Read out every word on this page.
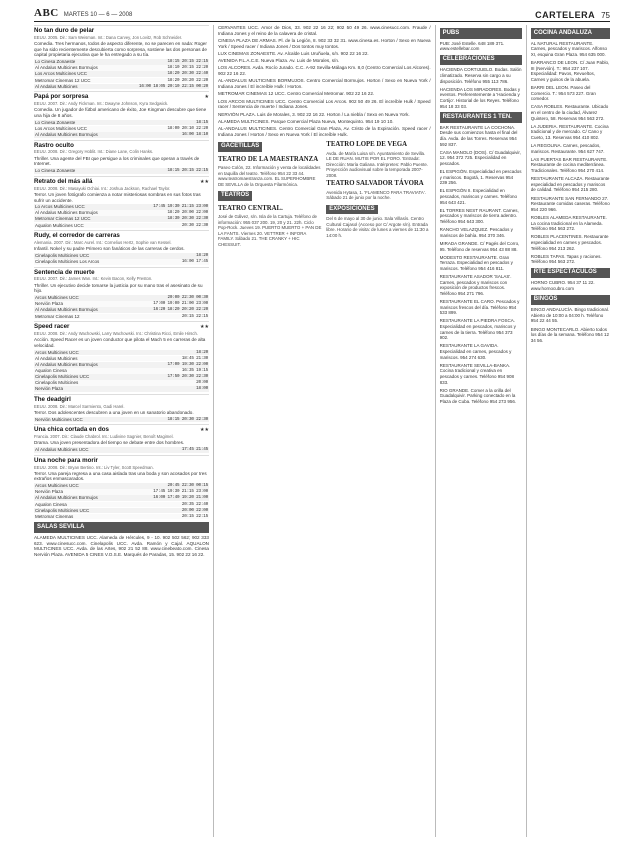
ABC MARTES 10 — 6 — 2008	CARTELERA 75
No tan duro de pelar
EEUU. 2005. Dir.: Sam Weisman. Int.: Dana Carvey, Jon Lovitz, Rob Schneider.
Comedia. Tres hermanos, todos de aspecto diferente, no se parecen en nada: Roger que ha sido recientemente descubierta como sorpresa, sostiene las dos personas de capital propietaria ejecutiva que le ha entregado a su tía.
Lo Cinesa Zonaeste	18:15 20:15 22:15
Al Andalus Multicines Bormujos	18:10 20:15 22:20
Los Arcos Multicines UCC	18:20 20:30 22:40
Metromar Cinemas 12 UCC	18:20 20:20 22:20
Al Andalus Multicines	16:00 18:05 20:10 22:15 00:20
Papá por sorpresa	★
EEUU. 2007. Dir.: Andy Fickman. Int.: Dwayne Johnson, Kyra Sedgwick.
Comedia. Un jugador de fútbol americano de éxito, Joe Kingman descubre que tiene una hija de 8 años.
Lo Cinesa Zonaeste	18:15
Los Arcos Multicines UCC	18:00 20:10 22:20
Al Andalus Multicines Bormujos	16:00 18:10
Rastro oculto
EEUU. 2008. Dir.: Gregory Hoblit. Int.: Diane Lane, Colin Hanks.
Thriller. Una agente del FBI que persigue a los criminales que operan a través de Internet.
Lo Cinesa Zonaeste	18:15 20:15 22:15
Retrato del más allá	★★
EEUU. 2008. Dir.: Masayuki Ochiai. Int.: Joshua Jackson, Rachael Taylor.
Terror. Un joven fotógrafo comienza a notar misteriosas sombras en sus fotos tras sufrir un accidente.
Lo Arcos Multicines UCC	17:45 19:30 21:15 23:00
Al Andalus Multicines Bormujos	18:20 20:00 22:00
Metromar Cinemas 12 UCC	18:30 20:30 22:30
Aqualon Multicines UCC	20:30 22:30
Rudy, el corredor de carreras
Alemania. 2007. Dir.: Marc Aurel. Int.: Cornelius Hertz, Sophie van Kessel.
Infantil. Nokel y su padre Primero son fanáticos de las carreras de cerdos.
Cinelapolis Multicines UCC	18:20
Cinelapolis Multicines Los Arcos	16:00 17:45
Sentencia de muerte
EEUU. 2007. Dir.: James Wan. Int.: Kevin Bacon, Kelly Preston.
Thriller. Un ejecutivo decide tomarse la justicia por su mano tras el asesinato de su hijo.
Arcos Multicines UCC	20:00 22:30 00:30
Nervión Plaza	17:00 19:00 21:00 23:00
Al Andalus Multicines Bormujos	16:20 18:20 20:20 22:20
Metromar Cinemas 12	20:15 22:15
Speed racer	★★
EEUU. 2008. Dir.: Andy Wachowski, Larry Wachowski. Int.: Christina Ricci, Emile Hirsch.
Acción. Speed Racer es un joven conductor que pilota el Mach 5 en carreras de alta velocidad.
Arcos Multicines UCC	18:20
Al Andalus Multicines	18:45 21:30
Al Andalus Multicines Bormujos	17:00 19:30 22:00
Aqualon Cinesa	16:35 19:15
Cinelapolis Multicines UCC	17:50 20:30 22:30
Cinelapolis Multicines	20:00
Nervión Plaza	18:00
The deadgirl
EEUU. 2008. Dir.: Marcel Sarmiento, Gadi Harel.
Terror. Dos adolescentes descubren a una joven en un sanatorio abandonado.
Nervión Multicines UCC	18:15 20:30 22:30
Una chica cortada en dos	★★
Francia. 2007. Dir.: Claude Chabrol. Int.: Ludivine Sagnier, Benoît Magimel.
Drama. Una joven presentadora del tiempo se debate entre dos hombres.
Al Andalus Multicines UCC	17:45 21:45
Una noche para morir
EEUU. 2008. Dir.: Bryan Bertino. Int.: Liv Tyler, Scott Speedman.
Terror. Una pareja regresa a una casa aislada tras una boda y son acosados por tres extraños enmascarados.
Arcos Multicines UCC	20:45 22:30 00:15
Nervión Plaza	17:45 19:30 21:15 23:00
Al Andalus Multicines Bormujos	16:00 17:40 19:20 21:00
Aqualon Cinesa	20:35 22:40
Cinelapolis Multicines UCC	20:00 22:00
Metromar Cinemas	20:15 22:15
SALAS SEVILLA
ALAMEDA MULTICINES UCC. Alameda de Hércules, 9 - 10. 902 502 562; 902 333 623. www.cinesucc.com. Cinelapolis UCC. Avda. Ramón y Cajal. AQUALON MULTICINES UCC. Avda. de las Artes, 902 21 52 88. www.cinebeato.com. Cinesa Nervión Plaza. AVENIDA 5 CINES V.O.S.E. Marqués de Paradas, 15. 902 22 16 22.
CERVANTES UCC. Amor de Dios, 33. 902 22 16 22; 902 50 49 26. www.cinesucc.com. Fraude / Indiana Jones y el reino de la calavera de cristal.
CINESA PLAZA DE ARMAS. Pl. de la Legión, 8. 902 33 32 31. www.cinesa.es. Horton / Sexo en Nueva York / Speed racer / Indiana Jones / Dos tontos muy tontos.
LUX CINEMAS ZONAESTE. Av. Alcalde Luis Uruñuela, s/n. 902 22 16 22.
AVENIDA P.L.A.C.E. Nueva Plaza. Av. Luis de Morales, s/n.
LOS ALCORES. Avda. Rocío Jurado. C.C. A-92 Sevilla-Málaga Km. 8,0 (Centro Comercial Los Alcores). 902 22 16 22.
AL-ANDALUS MULTICINES BORMUJOS. Centro Comercial Bormujos. Horton / Sexo en Nueva York / Indiana Jones / El increíble Hulk / Horton.
METROMAR CINEMAS 12 UCC. Centro Comercial Metromar. 902 22 16 22.
LOS ARCOS MULTICINES UCC. Centro Comercial Los Arcos. 902 50 49 26. El increíble Hulk / Speed racer / Sentencia de muerte / Indiana Jones.
NERVIÓN PLAZA. Luis de Morales, 3. 902 22 16 22. Horton / La niebla / Sexo en Nueva York.
ALAMEDA MULTICINES. Parque Comercial Plaza Nueva, Montequinto. 954 19 10 10.
AL-ANDALUS MULTICINES. Centro Comercial Gran Plaza, Av. Cristo de la Expiración. Speed racer / Indiana Jones / Horton / Sexo en Nueva York / El increíble Hulk.
GACETILLAS
TEATRO DE LA MAESTRANZA
Paseo Colón, 22. Información y venta de localidades en taquilla del teatro. Teléfono 954 22 33 44. www.teatromaestranza.com. EL SUPERHOMBRE DE SEVILLA de la Orquesta Filarmónica.
TEATROS
TEATRO CENTRAL.
José de Gálvez, s/n. Isla de la Cartuja. Teléfono de información: 955 037 200. 19, 20 y 21. 22h. Ciclo Pop-Rock. Jueves 19. PUERTO MUERTO + PAN DE LA FANTS. Viernes 20. VETTRER + INFORA FAMILY. Sábado 21. THE CRANKY + HIC CHESSUIT.
TEATRO LOPE DE VEGA
Avda. de María Luisa s/n. Ayuntamiento de Sevilla. LE DE RUAN. MUTIS POR EL FORO. 'Entrada'. Dirección: María Galiana. Intérpretes: Pablo Puente. Proyección audiovisual sobre la temporada 2007-2008.
TEATRO SALVADOR TÁVORA
Avenida Hytasa, 1. 'FLAMENCO PARA TRAVIATA'. Sábado 21 de junio por la noche.
EXPOSICIONES
Del 6 de mayo al 30 de junio. Sala Villasís. Centro Cultural Cajasol (Acceso por C/ Argote s/n). Entrada libre. Horario de visita: de lunes a viernes de 11:30 a 14:00 h.
PUBS
PUB: José Estelle. 648 189 371. www.estellebar.com
CELEBRACIONES
HACIENDA CORTIJUELO. Bodas. Salón climatizado. Reserva sin cargo a su disposición. Teléfono 955 113 786.
HACIENDA LOS MIRADORES. Bodas y eventos. Preferentemente a 'Hacienda y Cortijo'. Historial de los Reyes. Teléfono 954 18 33 03.
RESTAURANTES 1 TEN.
BAR RESTAURANTE LA COCHONA. Desde sus comienzos hasta el final del día. Avda. de las Torres. Reservas 954 592 837.
CASA MANOLO (DOS). C/ Guadalquivir, 12. 954 372 725. Especialidad en pescados.
EL ESPIGÓN. Especialidad en pescados y mariscos. Bogotá, 1. Reservas 954 239 256.
EL ESPIGÓN II. Especialidad en pescados, mariscos y carnes. Teléfono 954 643 421.
EL TORRES NEST RAURANT. Carnes, pescados y mariscos de tierra adentro. Teléfono 954 643 300.
RANCHO VELAZQUEZ. Pescados y mariscos de bahía. 954 370 346.
MIRADA GRANDE. C/ Pagés del Corro, 95. Teléfono de reservas 954 43 88 88.
MODESTO RESTAURANTE. Gran Terraza. Especialidad en pescados y mariscos. Teléfono 954 416 811.
RESTAURANTE ASADOR 'SALAS'. Carnes, pescados y mariscos con exposición de productos frescos. Teléfono 954 271 796.
RESTAURANTE EL CARO. Pescados y mariscos frescos del día. Teléfono 954 533 899.
RESTAURANTE LA PIEDRA FOSCA. Especialidad en pescados, mariscos y carnes de la tierra. Teléfono 954 373 902.
RESTAURANTE LA GAVIDA. Especialidad en carnes, pescados y mariscos. 954 274 630.
RESTAURANTE SEVILLA-BANKA. Cocina tradicional y creativa en pescados y carnes. Teléfono 954 908 833.
RIO GRANDE. Comer a la orilla del Guadalquivir. Parking conectado en la Plaza de Cuba. Teléfono 954 273 956.
COCINA ANDALUZA
AL NATURAL RESTAURANTE. Carnes, pescados y mariscos. Alfonso XI, esquina Gran Plaza. 954 635 000.
BARRANCO DE LEON. C/ Juan Pablo, III (Nervión). T.: 954 237 107. Especialidad: Pavos, Revueltos, Carnes y guisos de la abuela.
BARRI DEL LEON. Paseo del Comercio. T.: 954 573 227. Gran comedor.
CASA ROBLES. Restaurante. Ubicado en el centro de la ciudad, Álvarez Quintero, 58. Reservas 954 563 272.
LA JUDERIA. RESTAURANTE. Cocina tradicional y de mercado. C/ Cano y Cueto, 13. Reservas 954 410 802.
LA REGOLINA. Carnes, pescados, mariscos. Restaurante. 954 627 747.
LAS PUERTAS BAR RESTAURANTE. Restaurante de cocina mediterránea. Tradicionales. Teléfono 954 270 414.
RESTAURANTE ALCAZA. Restaurante especialidad en pescados y mariscos de calidad. Teléfono 954 215 280.
RESTAURANTE SAN FERNANDO 27. Restaurante comidas caseras. Teléfono 954 220 966.
ROBLES ALAMEDA RESTAURANTE. La cocina tradicional en la Alameda. Teléfono 954 563 272.
ROBLES PLACENTINES. Restaurante especialidad en carnes y pescados. Teléfono 954 213 262.
ROBLES TAPAS. Tapas y raciones. Teléfono 954 563 272.
RTE ESPECTÁCULOS
HORNO CUBRO. 954 37 11 22. www.hornocubro.com
BINGOS
BINGO ANDALUCÍA. Bingo tradicional. Abierto de 10:00 a 04:00 h. Teléfono 954 22 44 55.
BINGO MONTECARLO. Abierto todos los días de la semana. Teléfono 954 12 34 56.
